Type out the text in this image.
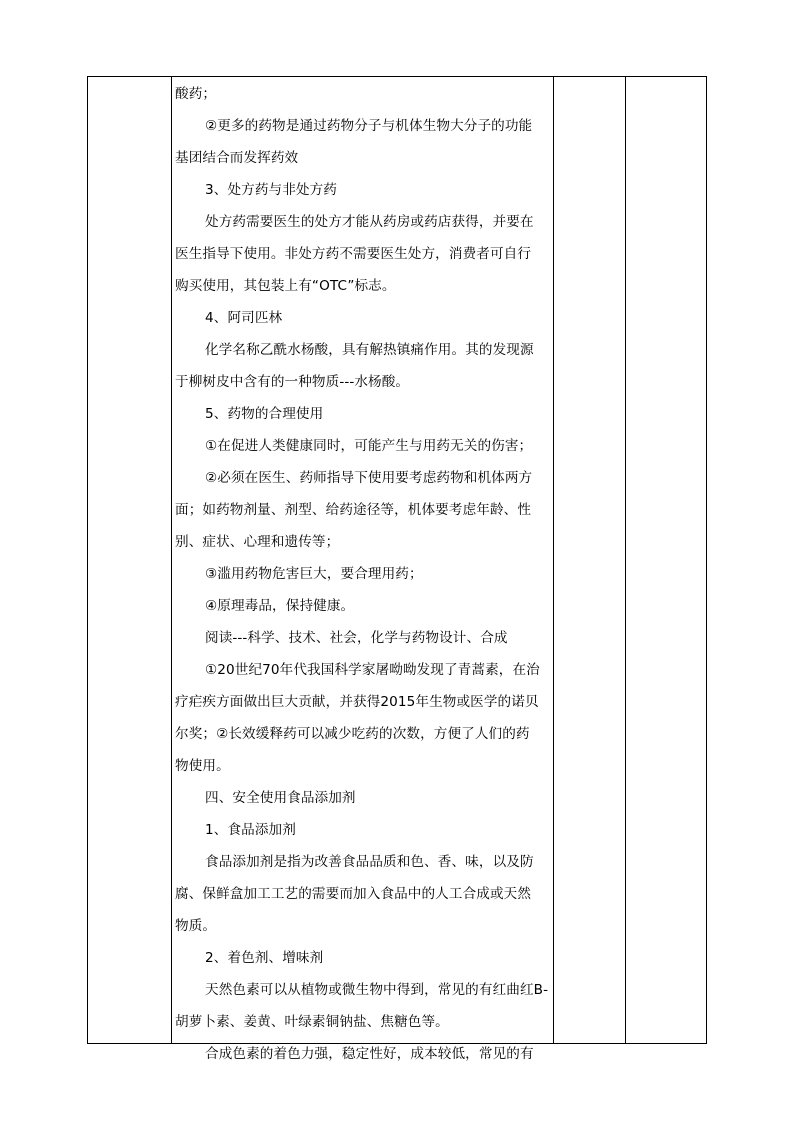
酸药；
②更多的药物是通过药物分子与机体生物大分子的功能
基团结合而发挥药效
3、处方药与非处方药
处方药需要医生的处方才能从药房或药店获得，并要在
医生指导下使用。非处方药不需要医生处方，消费者可自行
购买使用，其包装上有“OTC”标志。
4、阿司匹林
化学名称乙酰水杨酸，具有解热镇痛作用。其的发现源
于柳树皮中含有的一种物质---水杨酸。
5、药物的合理使用
①在促进人类健康同时，可能产生与用药无关的伤害；
②必须在医生、药师指导下使用要考虑药物和机体两方
面；如药物剂量、剂型、给药途径等，机体要考虑年龄、性
别、症状、心理和遗传等；
③滥用药物危害巨大，要合理用药；
④原理毒品，保持健康。
阅读---科学、技术、社会，化学与药物设计、合成
①20世纪70年代我国科学家屠呦呦发现了青蒿素，在治
疗疟疾方面做出巨大贡献，并获得2015年生物或医学的诺贝
尔奖；②长效缓释药可以减少吃药的次数，方便了人们的药
物使用。
四、安全使用食品添加剂
1、食品添加剂
食品添加剂是指为改善食品品质和色、香、味，以及防
腐、保鲜盒加工工艺的需要而加入食品中的人工合成或天然
物质。
2、着色剂、增味剂
天然色素可以从植物或微生物中得到，常见的有红曲红B-
胡萝卜素、姜黄、叶绿素铜钠盐、焦糖色等。
合成色素的着色力强，稳定性好，成本较低，常见的有
